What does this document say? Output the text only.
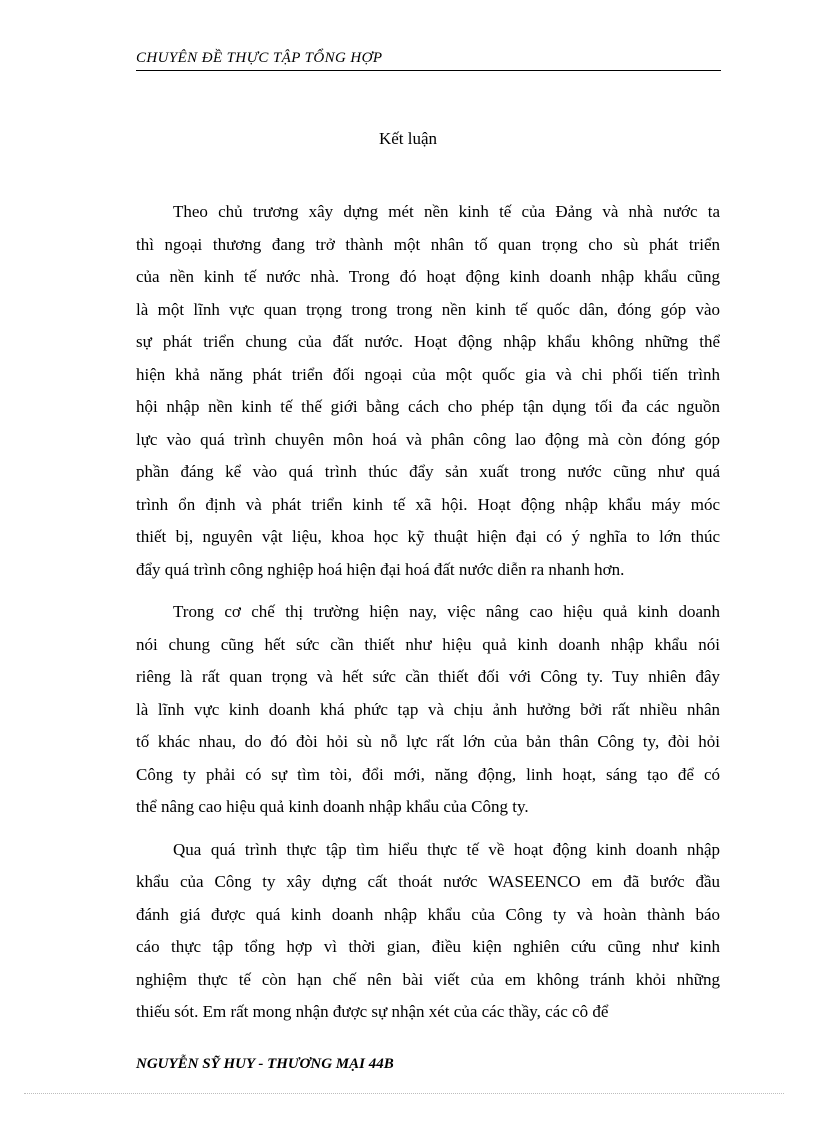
CHUYÊN ĐỀ THỰC TẬP TỔNG HỢP
Kết luận

Theo chủ trương xây dựng mét nền kinh tế của Đảng và nhà nước ta
thì ngoại thương đang trở thành một nhân tố quan trọng cho sù phát triển
của nền kinh tế nước nhà. Trong đó hoạt động kinh doanh nhập khẩu cũng
là một lĩnh vực quan trọng trong trong nền kinh tế quốc dân, đóng góp vào
sự phát triển chung của đất nước. Hoạt động nhập khẩu không những thể
hiện khả năng phát triển đối ngoại của một quốc gia và chi phối tiến trình
hội nhập nền kinh tế thế giới bằng cách cho phép tận dụng tối đa các nguồn
lực vào quá trình chuyên môn hoá và phân công lao động mà còn đóng góp
phần đáng kể vào quá trình thúc đẩy sản xuất trong nước cũng như quá
trình ổn định và phát triển kinh tế xã hội. Hoạt động nhập khẩu máy móc
thiết bị, nguyên vật liệu, khoa học kỹ thuật hiện đại có ý nghĩa to lớn thúc
đẩy quá trình công nghiệp hoá hiện đại hoá đất nước diễn ra nhanh hơn.

Trong cơ chế thị trường hiện nay, việc nâng cao hiệu quả kinh doanh
nói chung cũng hết sức cần thiết như hiệu quả kinh doanh nhập khẩu nói
riêng là rất quan trọng và hết sức cần thiết đối với Công ty. Tuy nhiên đây
là lĩnh vực kinh doanh khá phức tạp và chịu ảnh hưởng bởi rất nhiều nhân
tố khác nhau, do đó đòi hỏi sù nỗ lực rất lớn của bản thân Công ty, đòi hỏi
Công ty phải có sự tìm tòi, đổi mới, năng động, linh hoạt, sáng tạo để có
thể nâng cao hiệu quả kinh doanh nhập khẩu của Công ty.

Qua quá trình thực tập tìm hiểu thực tế về hoạt động kinh doanh nhập
khẩu của Công ty xây dựng cất thoát nước WASEENCO em đã bước đầu
đánh giá được quá kinh doanh nhập khẩu của Công ty và hoàn thành báo
cáo thực tập tổng hợp vì thời gian, điều kiện nghiên cứu cũng như kinh
nghiệm thực tế còn hạn chế nên bài viết của em không tránh khỏi những
thiếu sót. Em rất mong nhận được sự nhận xét của các thầy, các cô để

NGUYỄN SỸ HUY - THƯƠNG MẠI 44B
